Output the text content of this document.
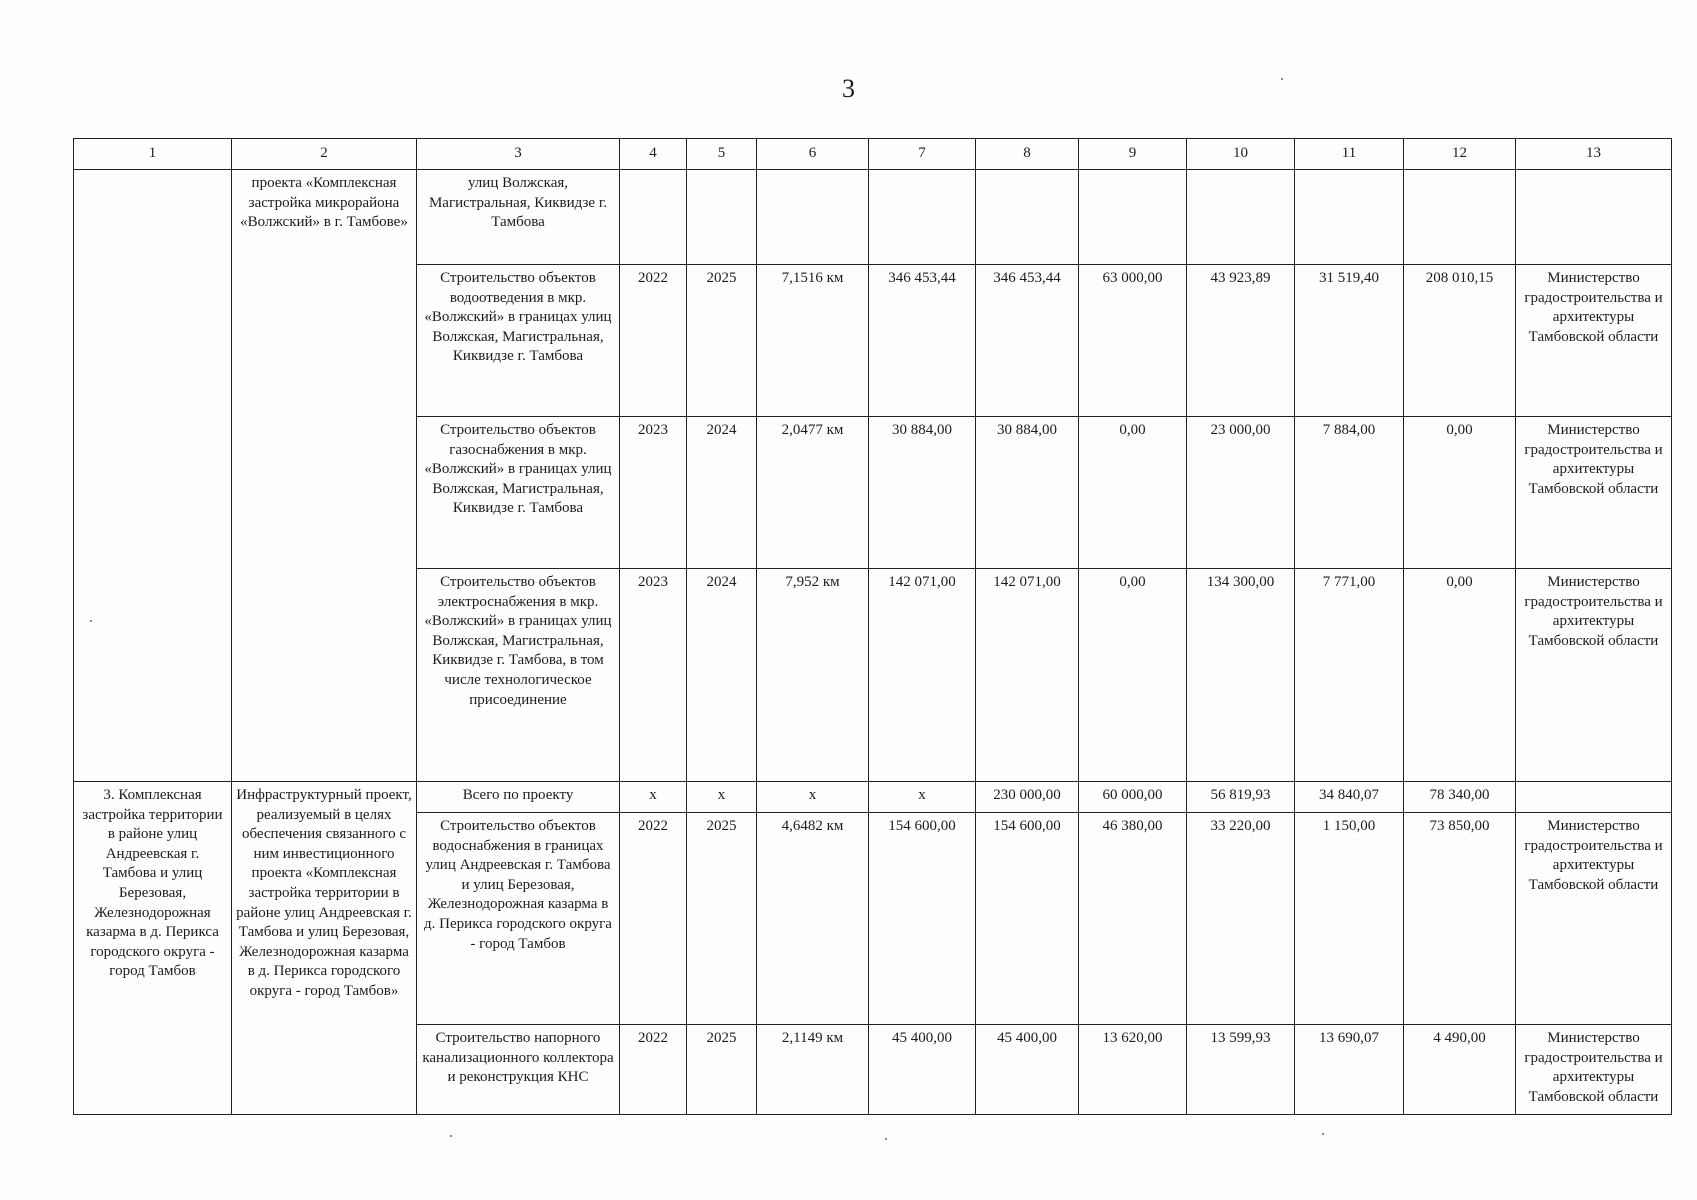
3
1	2	3	4	5	6	7	8	9	10	11	12	13
	проекта «Комплексная застройка микрорайона «Волжский» в г. Тамбове»	улиц Волжская, Магистральная, Киквидзе г. Тамбова										
		Строительство объектов водоотведения в мкр. «Волжский» в границах улиц Волжская, Магистральная, Киквидзе г. Тамбова	2022	2025	7,1516 км	346 453,44	346 453,44	63 000,00	43 923,89	31 519,40	208 010,15	Министерство градостроительства и архитектуры Тамбовской области
		Строительство объектов газоснабжения в мкр. «Волжский» в границах улиц Волжская, Магистральная, Киквидзе г. Тамбова	2023	2024	2,0477 км	30 884,00	30 884,00	0,00	23 000,00	7 884,00	0,00	Министерство градостроительства и архитектуры Тамбовской области
		Строительство объектов электроснабжения в мкр. «Волжский» в границах улиц Волжская, Магистральная, Киквидзе г. Тамбова, в том числе технологическое присоединение	2023	2024	7,952 км	142 071,00	142 071,00	0,00	134 300,00	7 771,00	0,00	Министерство градостроительства и архитектуры Тамбовской области
3. Комплексная застройка территории в районе улиц Андреевская г. Тамбова и улиц Березовая, Железнодорожная казарма в д. Перикса городского округа - город Тамбов	Инфраструктурный проект, реализуемый в целях обеспечения связанного с ним инвестиционного проекта «Комплексная застройка территории в районе улиц Андреевская г. Тамбова и улиц Березовая, Железнодорожная казарма в д. Перикса городского округа - город Тамбов»	Всего по проекту	х	х	х	х	230 000,00	60 000,00	56 819,93	34 840,07	78 340,00	
		Строительство объектов водоснабжения в границах улиц Андреевская г. Тамбова и улиц Березовая, Железнодорожная казарма в д. Перикса городского округа - город Тамбов	2022	2025	4,6482 км	154 600,00	154 600,00	46 380,00	33 220,00	1 150,00	73 850,00	Министерство градостроительства и архитектуры Тамбовской области
		Строительство напорного канализационного коллектора и реконструкция КНС	2022	2025	2,1149 км	45 400,00	45 400,00	13 620,00	13 599,93	13 690,07	4 490,00	Министерство градостроительства и архитектуры Тамбовской области
